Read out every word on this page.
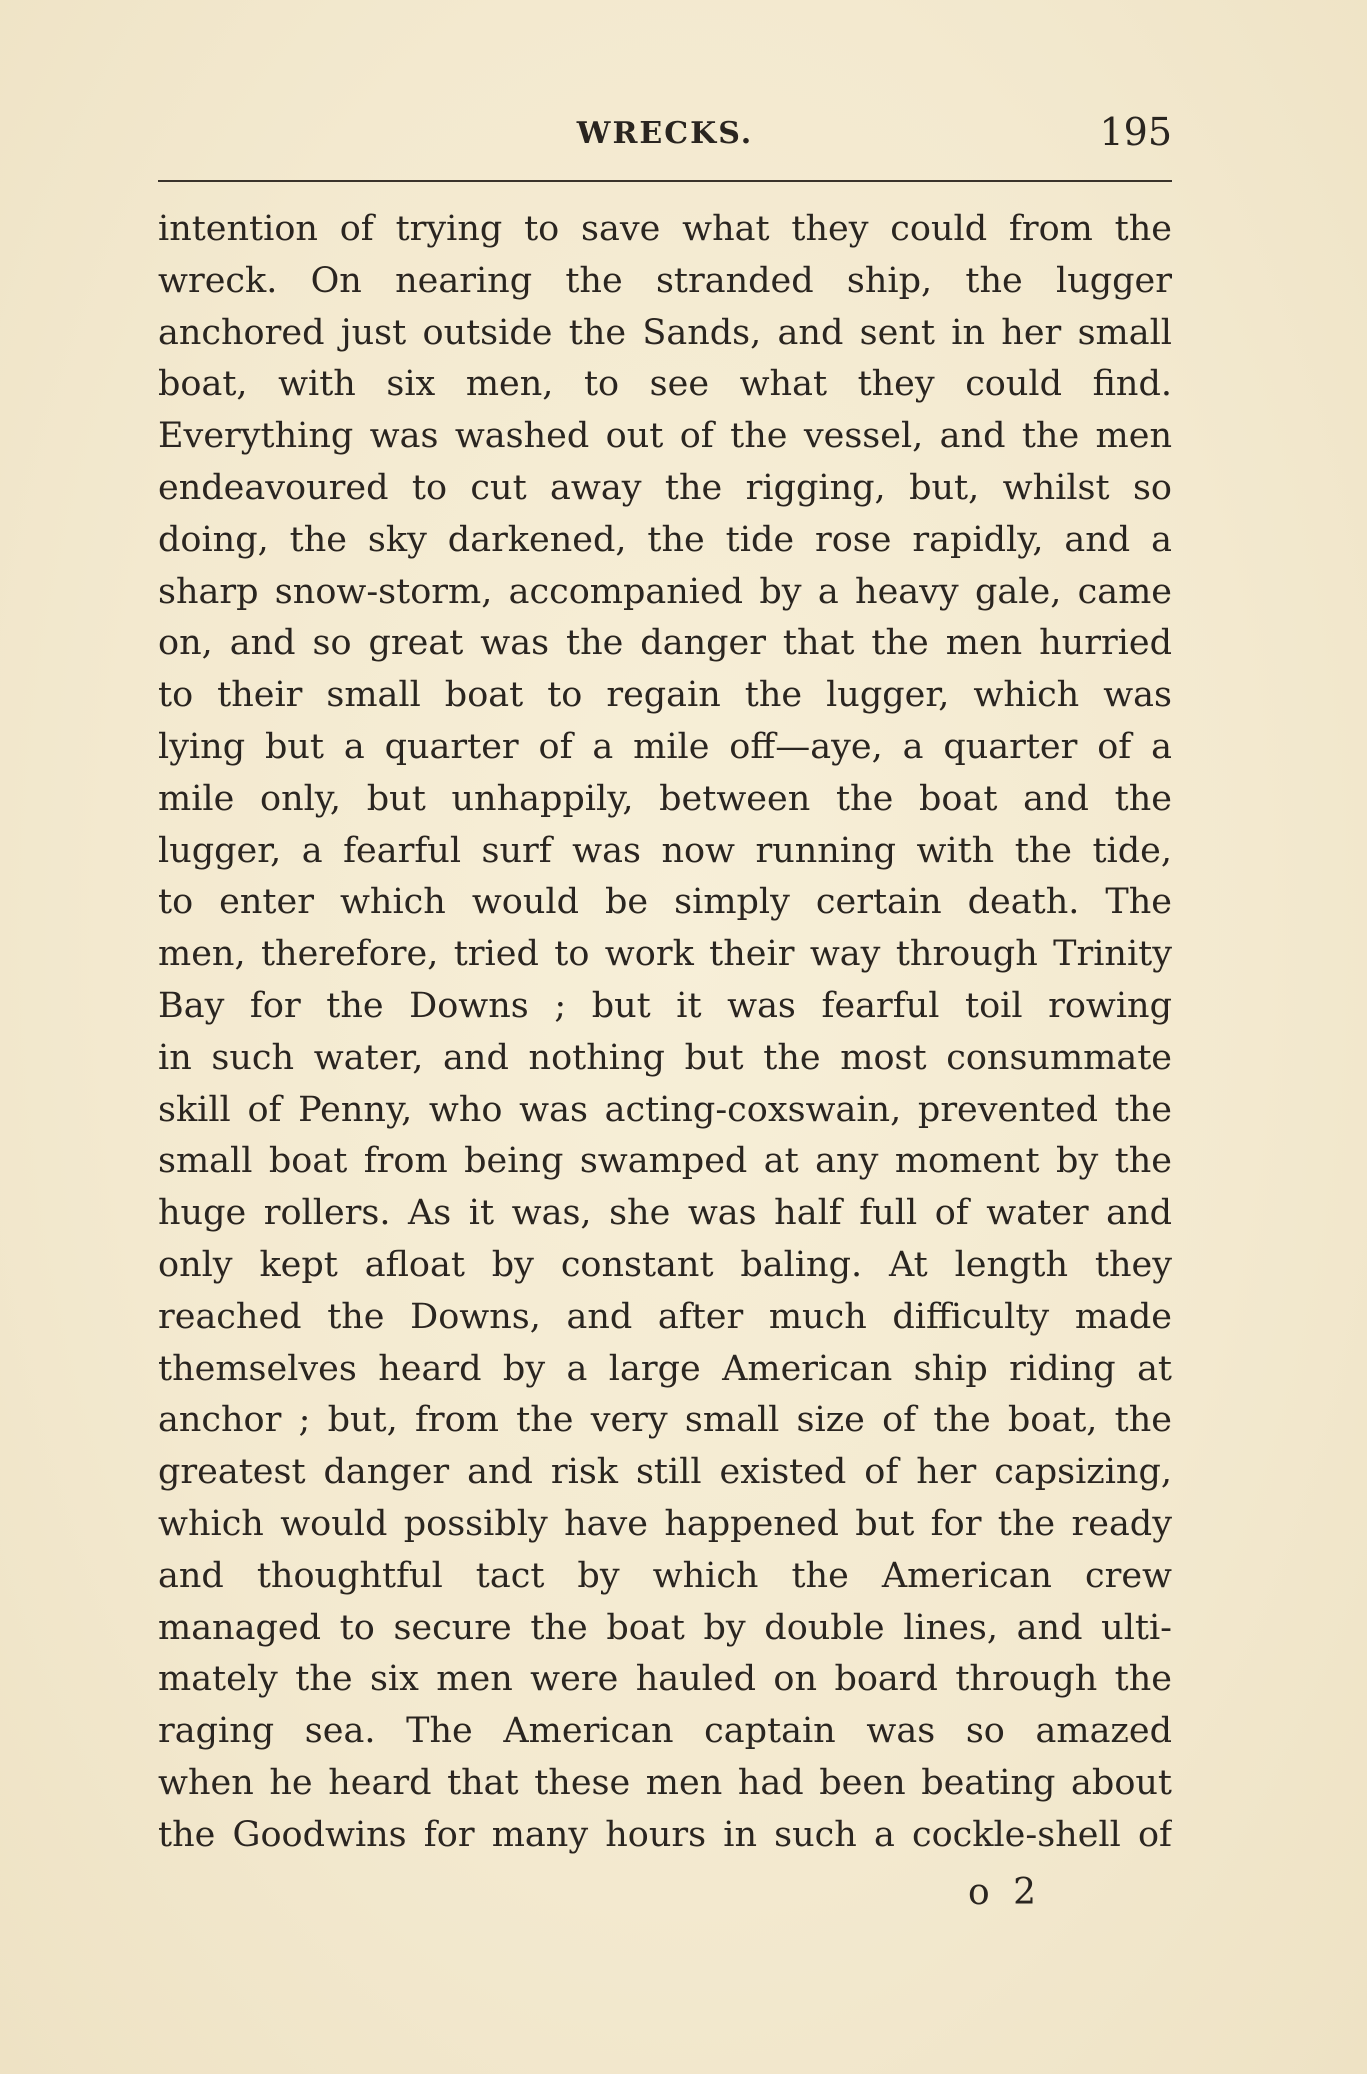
WRECKS.	195
intention of trying to save what they could from the
wreck. On nearing the stranded ship, the lugger
anchored just outside the Sands, and sent in her small
boat, with six men, to see what they could find.
Everything was washed out of the vessel, and the men
endeavoured to cut away the rigging, but, whilst so
doing, the sky darkened, the tide rose rapidly, and a
sharp snow-storm, accompanied by a heavy gale, came
on, and so great was the danger that the men hurried
to their small boat to regain the lugger, which was
lying but a quarter of a mile off—aye, a quarter of a
mile only, but unhappily, between the boat and the
lugger, a fearful surf was now running with the tide,
to enter which would be simply certain death. The
men, therefore, tried to work their way through Trinity
Bay for the Downs ; but it was fearful toil rowing
in such water, and nothing but the most consummate
skill of Penny, who was acting-coxswain, prevented the
small boat from being swamped at any moment by the
huge rollers. As it was, she was half full of water and
only kept afloat by constant baling. At length they
reached the Downs, and after much difficulty made
themselves heard by a large American ship riding at
anchor ; but, from the very small size of the boat, the
greatest danger and risk still existed of her capsizing,
which would possibly have happened but for the ready
and thoughtful tact by which the American crew
managed to secure the boat by double lines, and ulti-
mately the six men were hauled on board through the
raging sea. The American captain was so amazed
when he heard that these men had been beating about
the Goodwins for many hours in such a cockle-shell of
o 2
